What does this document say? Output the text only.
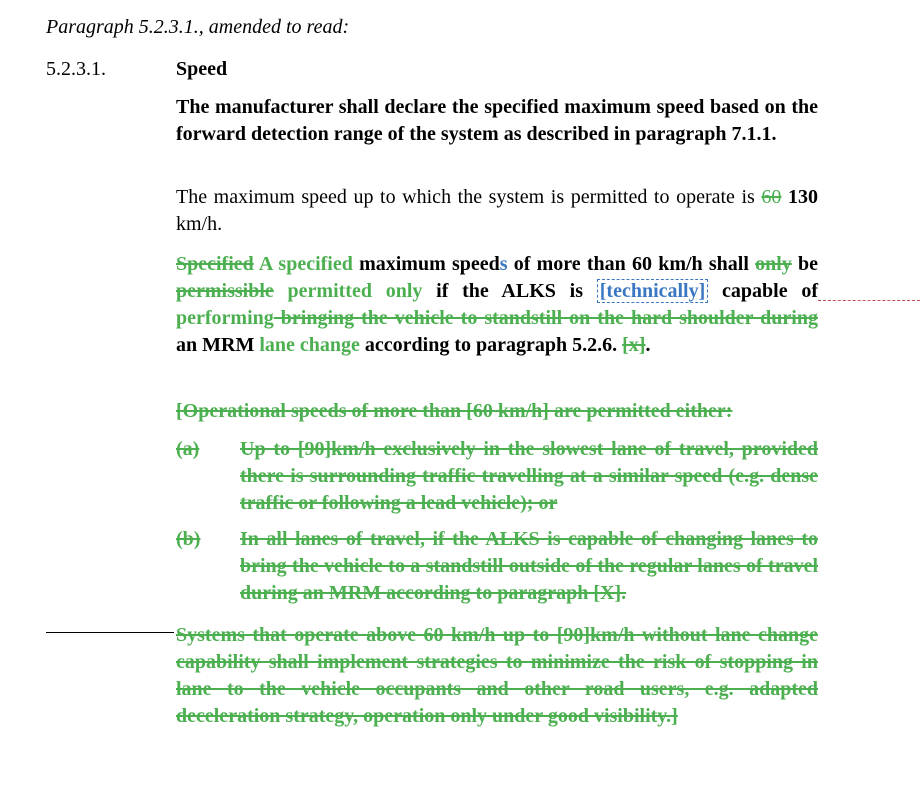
Paragraph 5.2.3.1., amended to read:
5.2.3.1.	Speed
The manufacturer shall declare the specified maximum speed based on the forward detection range of the system as described in paragraph 7.1.1.
The maximum speed up to which the system is permitted to operate is 60 130 km/h.
Specified A specified maximum speeds of more than 60 km/h shall only be permissible permitted only if the ALKS is [technically] capable of performing bringing the vehicle to standstill on the hard shoulder during an MRM lane change according to paragraph 5.2.6. [x].
[Operational speeds of more than [60 km/h] are permitted either:
(a) Up to [90]km/h exclusively in the slowest lane of travel, provided there is surrounding traffic travelling at a similar speed (e.g. dense traffic or following a lead vehicle); or
(b) In all lanes of travel, if the ALKS is capable of changing lanes to bring the vehicle to a standstill outside of the regular lanes of travel during an MRM according to paragraph [X].
Systems that operate above 60 km/h up to [90]km/h without lane change capability shall implement strategies to minimize the risk of stopping in lane to the vehicle occupants and other road users, e.g. adapted deceleration strategy, operation only under good visibility.]
